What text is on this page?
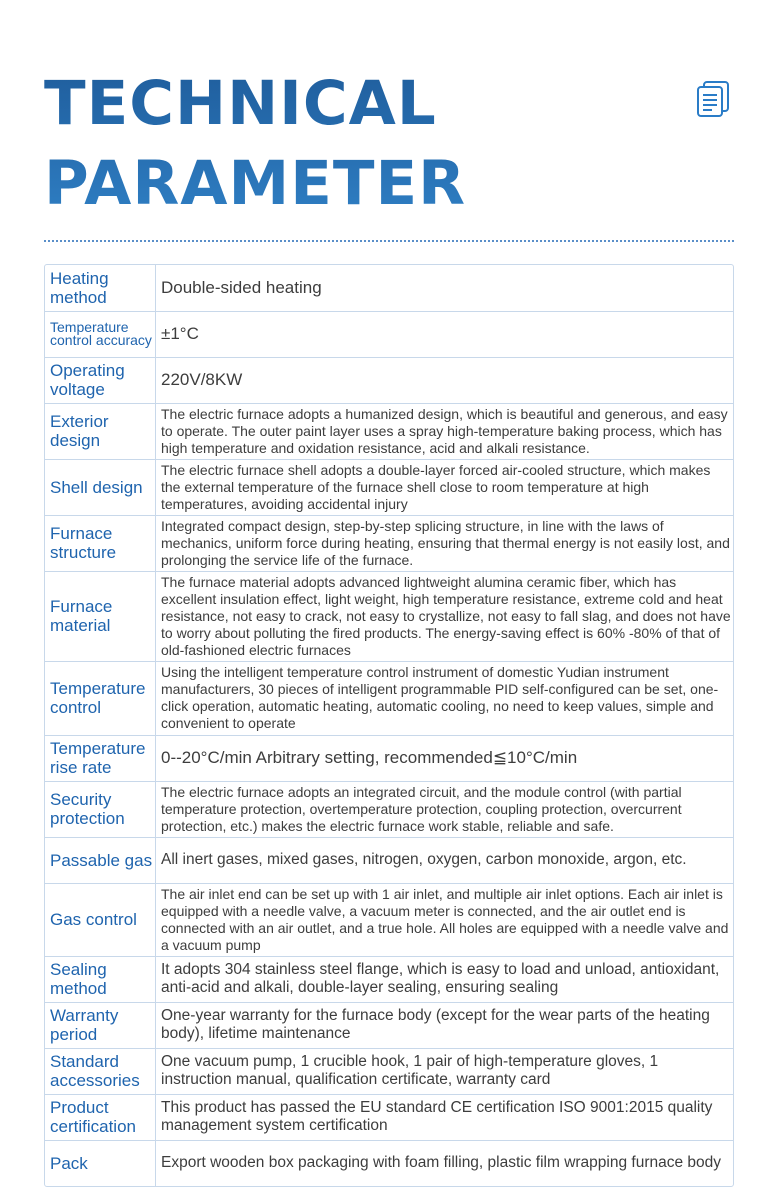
TECHNICAL
PARAMETER
Heating method	Double-sided heating
Temperature control accuracy	±1°C
Operating voltage	220V/8KW
Exterior design	The electric furnace adopts a humanized design, which is beautiful and generous, and easy to operate. The outer paint layer uses a spray high-temperature baking process, which has high temperature and oxidation resistance, acid and alkali resistance.
Shell design	The electric furnace shell adopts a double-layer forced air-cooled structure, which makes the external temperature of the furnace shell close to room temperature at high temperatures, avoiding accidental injury
Furnace structure	Integrated compact design, step-by-step splicing structure, in line with the laws of mechanics, uniform force during heating, ensuring that thermal energy is not easily lost, and prolonging the service life of the furnace.
Furnace material	The furnace material adopts advanced lightweight alumina ceramic fiber, which has excellent insulation effect, light weight, high temperature resistance, extreme cold and heat resistance, not easy to crack, not easy to crystallize, not easy to fall slag, and does not have to worry about polluting the fired products. The energy-saving effect is 60% -80% of that of old-fashioned electric furnaces
Temperature control	Using the intelligent temperature control instrument of domestic Yudian instrument manufacturers, 30 pieces of intelligent programmable PID self-configured can be set, one-click operation, automatic heating, automatic cooling, no need to keep values, simple and convenient to operate
Temperature rise rate	0--20°C/min Arbitrary setting, recommended≦10°C/min
Security protection	The electric furnace adopts an integrated circuit, and the module control (with partial temperature protection, overtemperature protection, coupling protection, overcurrent protection, etc.) makes the electric furnace work stable, reliable and safe.
Passable gas	All inert gases, mixed gases, nitrogen, oxygen, carbon monoxide, argon, etc.
Gas control	The air inlet end can be set up with 1 air inlet, and multiple air inlet options. Each air inlet is equipped with a needle valve, a vacuum meter is connected, and the air outlet end is connected with an air outlet, and a true hole. All holes are equipped with a needle valve and a vacuum pump
Sealing method	It adopts 304 stainless steel flange, which is easy to load and unload, antioxidant, anti-acid and alkali, double-layer sealing, ensuring sealing
Warranty period	One-year warranty for the furnace body (except for the wear parts of the heating body), lifetime maintenance
Standard accessories	One vacuum pump, 1 crucible hook, 1 pair of high-temperature gloves, 1 instruction manual, qualification certificate, warranty card
Product certification	This product has passed the EU standard CE certification ISO 9001:2015 quality management system certification
Pack	Export wooden box packaging with foam filling, plastic film wrapping furnace body
